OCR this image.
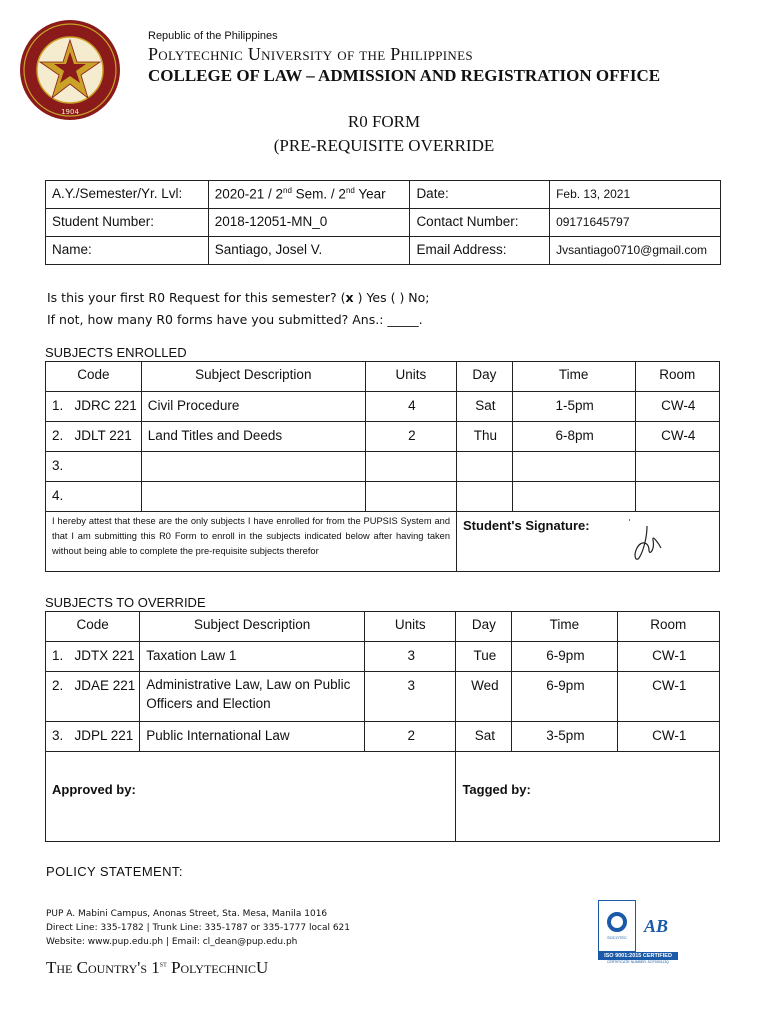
1904
Republic of the Philippines
Polytechnic University of the Philippines
COLLEGE OF LAW – ADMISSION AND REGISTRATION OFFICE
R0 FORM
(PRE-REQUISITE OVERRIDE
A.Y./Semester/Yr. Lvl:	2020-21 / 2nd Sem. / 2nd Year	Date:	Feb. 13, 2021
Student Number:	2018-12051-MN_0	Contact Number:	09171645797
Name:	Santiago, Josel V.	Email Address:	Jvsantiago0710@gmail.com
Is this your first R0 Request for this semester? (x ) Yes ( ) No;
If not, how many R0 forms have you submitted? Ans.: _____.
SUBJECTS ENROLLED
Code	Subject Description	Units	Day	Time	Room
1.   JDRC 221	Civil Procedure	4	Sat	1-5pm	CW-4
2.   JDLT 221	Land Titles and Deeds	2	Thu	6-8pm	CW-4
3.					
4.					
I hereby attest that these are the only subjects I have enrolled for from the PUPSIS System and that I am submitting this R0 Form to enroll in the subjects indicated below after having taken without being able to complete the pre-requisite subjects therefor			Student's Signature:		
SUBJECTS TO OVERRIDE
Code	Subject Description	Units	Day	Time	Room
1.   JDTX 221	Taxation Law 1	3	Tue	6-9pm	CW-1
2.   JDAE 221	Administrative Law, Law on Public Officers and Election	3	Wed	6-9pm	CW-1
3.   JDPL 221	Public International Law	2	Sat	3-5pm	CW-1
Approved by:			Tagged by:		
POLICY STATEMENT:
PUP A. Mabini Campus, Anonas Street, Sta. Mesa, Manila 1016
Direct Line: 335-1782 | Trunk Line: 335-1787 or 335-1777 local 621
Website: www.pup.edu.ph | Email: cl_dean@pup.edu.ph
The Country's 1st PolytechnicU
SOCOTEC
AB
ISO 9001:2015 CERTIFIED
CERTIFICATE NUMBER: SCP000113Q
